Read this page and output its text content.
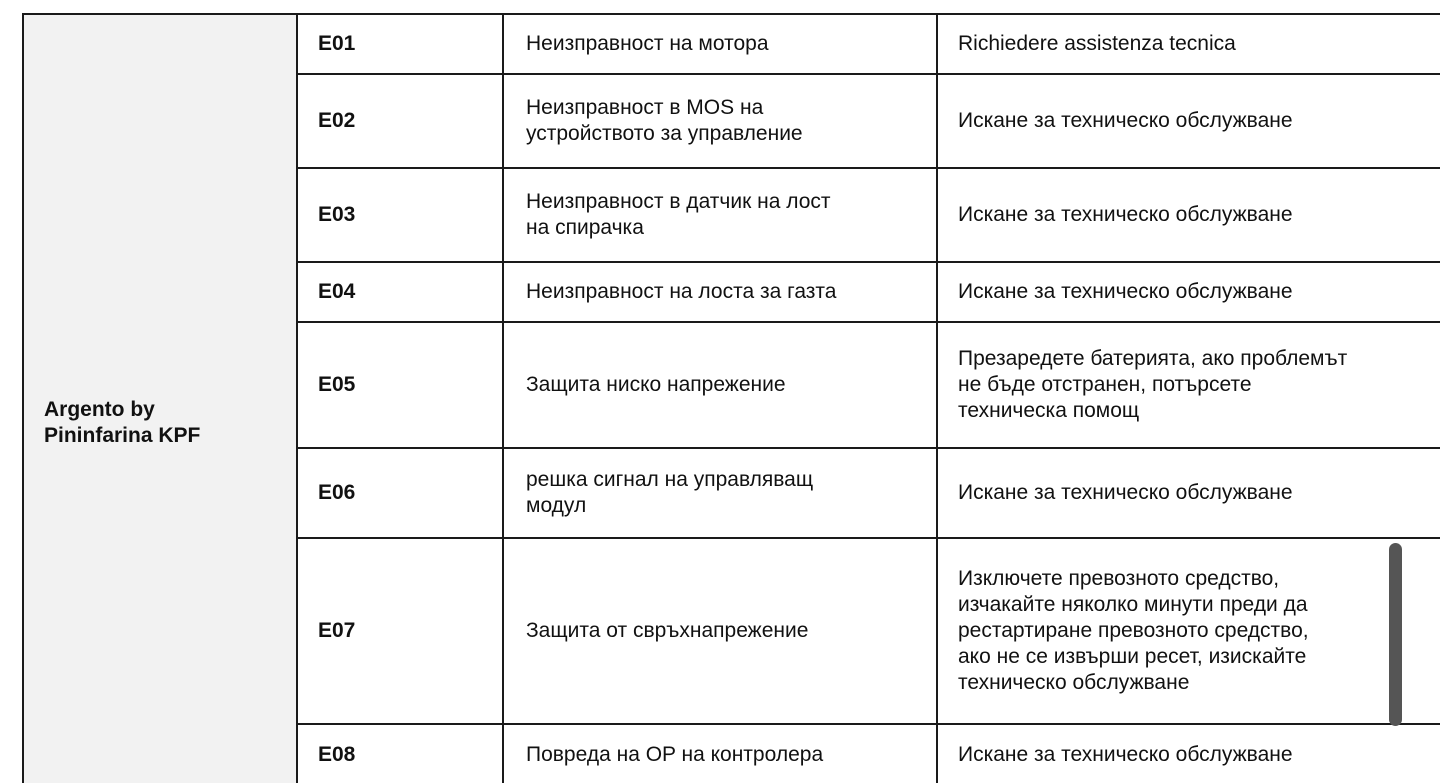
Argento by
Pininfarina KPF	E01	Неизправност на мотора	Richiedere assistenza tecnica

	E02	Неизправност в MOS на
устройството за управление	Искане за техническо обслужване

	E03	Неизправност в датчик на лост
на спирачка	Искане за техническо обслужване

	E04	Неизправност на лоста за газта	Искане за техническо обслужване

	E05	Защита ниско напрежение	Презаредете батерията, ако проблемът
не бъде отстранен, потърсете
техническа помощ

	E06	решка сигнал на управляващ
модул	Искане за техническо обслужване

	E07	Защита от свръхнапрежение	Изключете превозното средство,
изчакайте няколко минути преди да
рестартиране превозното средство,
ако не се извърши ресет, изискайте
техническо обслужване

	E08	Повреда на OP на контролера	Искане за техническо обслужване
